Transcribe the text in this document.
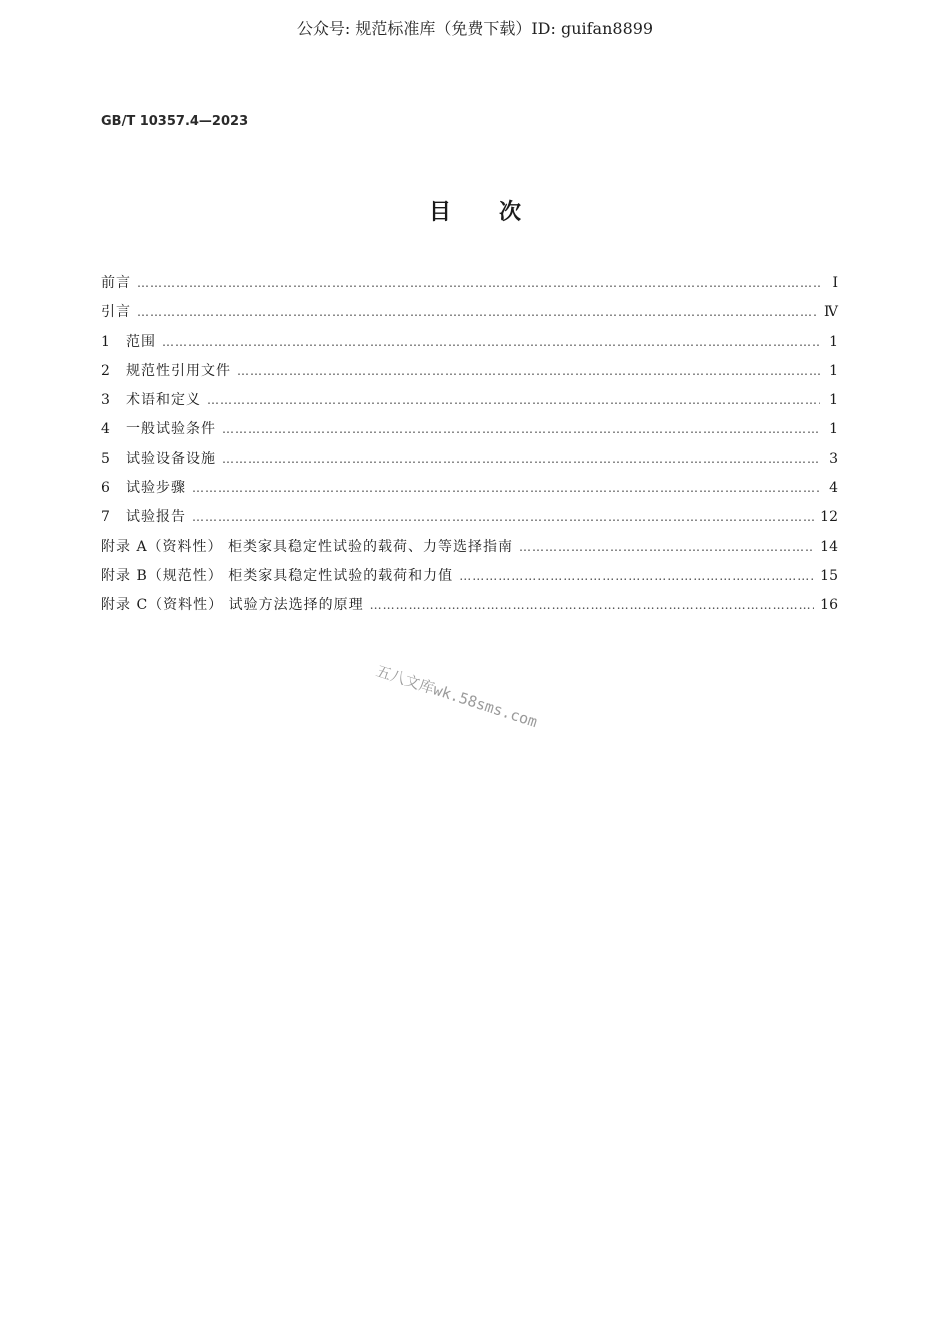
公众号: 规范标准库（免费下载）ID: guifan8899
GB/T 10357.4—2023
目 次
前言 ………………………………………………………………………………………………………………………………………………………………………………………………………………………………	Ⅰ
引言 ………………………………………………………………………………………………………………………………………………………………………………………………………………………………	Ⅳ
1	范围 ………………………………………………………………………………………………………………………………………………………………………………………………………………………………	1
2	规范性引用文件 ………………………………………………………………………………………………………………………………………………………………………………………………………………………………	1
3	术语和定义 ………………………………………………………………………………………………………………………………………………………………………………………………………………………………	1
4	一般试验条件 ………………………………………………………………………………………………………………………………………………………………………………………………………………………………	1
5	试验设备设施 ………………………………………………………………………………………………………………………………………………………………………………………………………………………………	3
6	试验步骤 ………………………………………………………………………………………………………………………………………………………………………………………………………………………………	4
7	试验报告 ………………………………………………………………………………………………………………………………………………………………………………………………………………………………	12
附录 A（资料性） 柜类家具稳定性试验的载荷、力等选择指南 ………………………………………………………………………………………………………………………………………………………………………………………………………………………………	14
附录 B（规范性） 柜类家具稳定性试验的载荷和力值 ………………………………………………………………………………………………………………………………………………………………………………………………………………………………	15
附录 C（资料性） 试验方法选择的原理 ………………………………………………………………………………………………………………………………………………………………………………………………………………………………	16
五八文库wk.58sms.com
